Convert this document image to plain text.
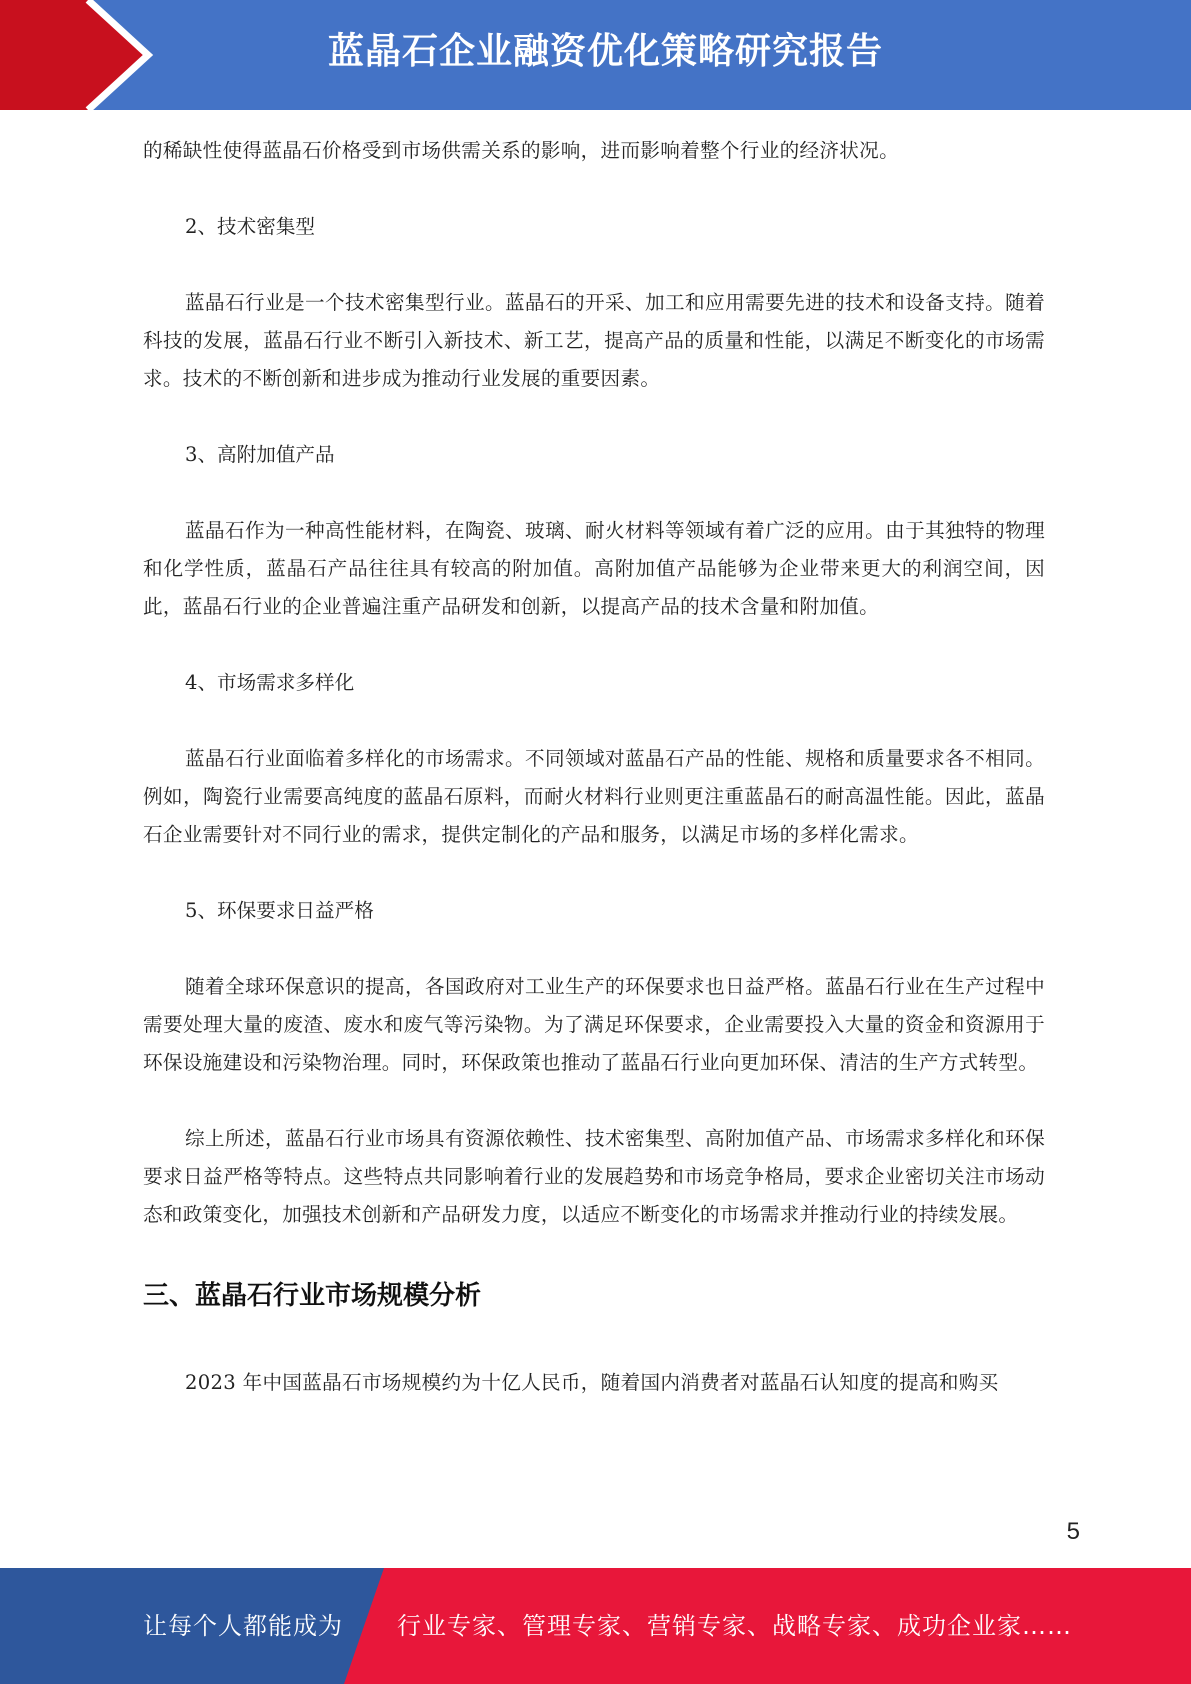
蓝晶石企业融资优化策略研究报告

的稀缺性使得蓝晶石价格受到市场供需关系的影响，进而影响着整个行业的经济状况。

2、技术密集型

蓝晶石行业是一个技术密集型行业。蓝晶石的开采、加工和应用需要先进的技术和设备支持。随着科技的发展，蓝晶石行业不断引入新技术、新工艺，提高产品的质量和性能，以满足不断变化的市场需求。技术的不断创新和进步成为推动行业发展的重要因素。

3、高附加值产品

蓝晶石作为一种高性能材料，在陶瓷、玻璃、耐火材料等领域有着广泛的应用。由于其独特的物理和化学性质，蓝晶石产品往往具有较高的附加值。高附加值产品能够为企业带来更大的利润空间，因此，蓝晶石行业的企业普遍注重产品研发和创新，以提高产品的技术含量和附加值。

4、市场需求多样化

蓝晶石行业面临着多样化的市场需求。不同领域对蓝晶石产品的性能、规格和质量要求各不相同。例如，陶瓷行业需要高纯度的蓝晶石原料，而耐火材料行业则更注重蓝晶石的耐高温性能。因此，蓝晶石企业需要针对不同行业的需求，提供定制化的产品和服务，以满足市场的多样化需求。

5、环保要求日益严格

随着全球环保意识的提高，各国政府对工业生产的环保要求也日益严格。蓝晶石行业在生产过程中需要处理大量的废渣、废水和废气等污染物。为了满足环保要求，企业需要投入大量的资金和资源用于环保设施建设和污染物治理。同时，环保政策也推动了蓝晶石行业向更加环保、清洁的生产方式转型。

综上所述，蓝晶石行业市场具有资源依赖性、技术密集型、高附加值产品、市场需求多样化和环保要求日益严格等特点。这些特点共同影响着行业的发展趋势和市场竞争格局，要求企业密切关注市场动态和政策变化，加强技术创新和产品研发力度，以适应不断变化的市场需求并推动行业的持续发展。

三、蓝晶石行业市场规模分析

2023 年中国蓝晶石市场规模约为十亿人民币，随着国内消费者对蓝晶石认知度的提高和购买

5
让每个人都能成为 行业专家、管理专家、营销专家、战略专家、成功企业家……
